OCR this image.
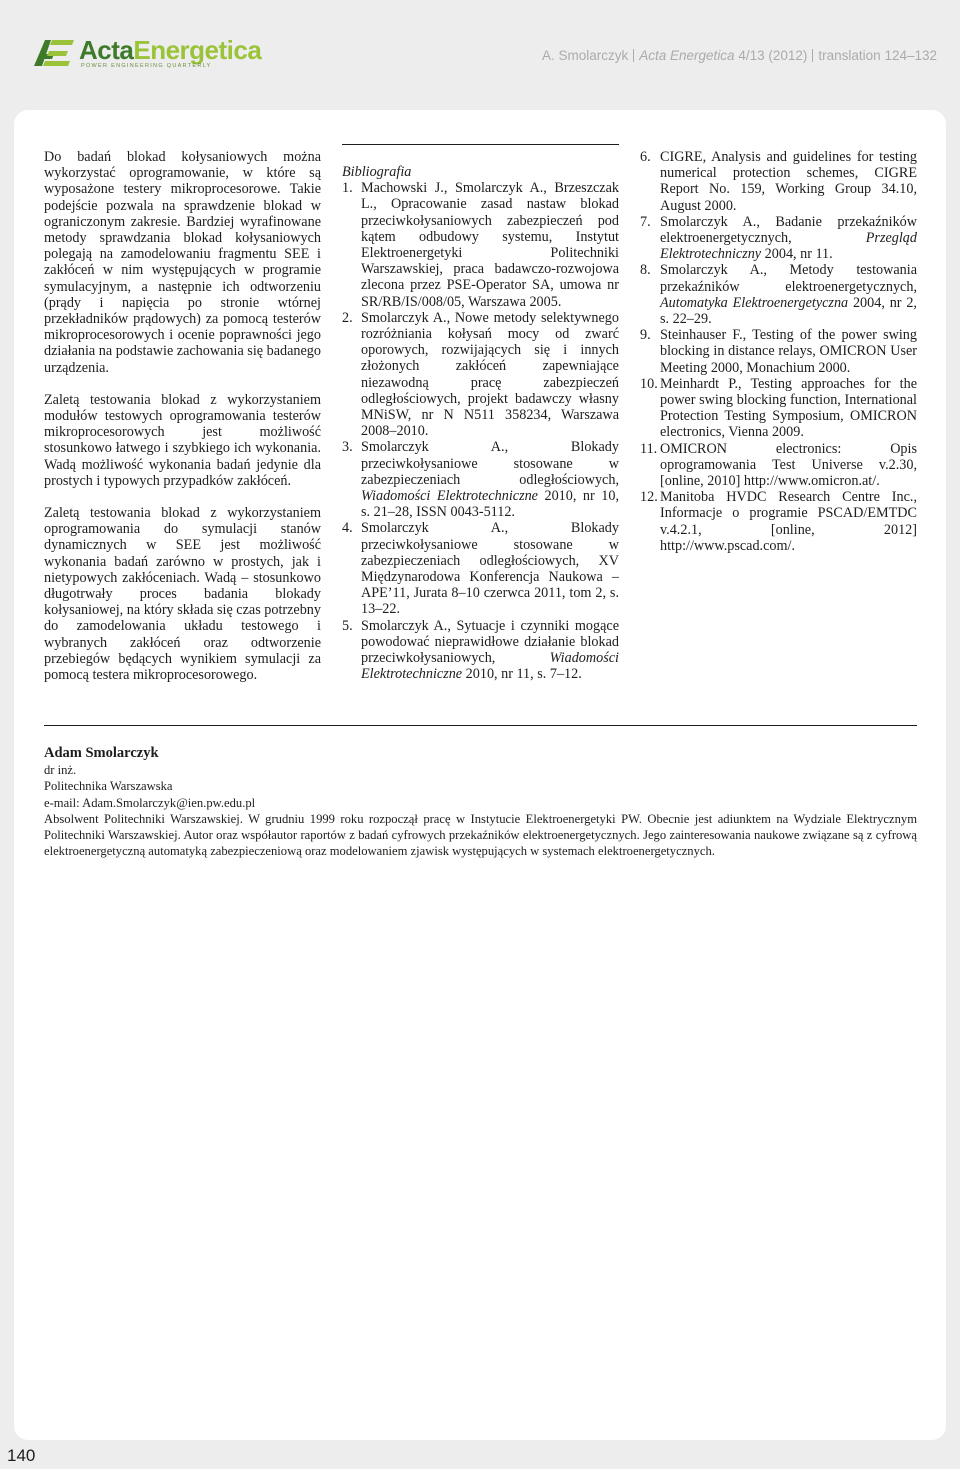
ActaEnergetica
POWER ENGINEERING QUARTERLY
A. Smolarczyk Acta Energetica 4/13 (2012) translation 124–132

Do badań blokad kołysaniowych można wykorzystać oprogramowanie, w które są wyposażone testery mikroprocesorowe. Takie podejście pozwala na sprawdzenie blokad w ograniczonym zakresie. Bardziej wyrafinowane metody sprawdzania blokad kołysaniowych polegają na zamodelowaniu fragmentu SEE i zakłóceń w nim występujących w programie symulacyjnym, a następnie ich odtworzeniu (prądy i napięcia po stronie wtórnej przekładników prądowych) za pomocą testerów mikroprocesorowych i ocenie poprawności jego działania na podstawie zachowania się badanego urządzenia.

Zaletą testowania blokad z wykorzystaniem modułów testowych oprogramowania testerów mikroprocesorowych jest możliwość stosunkowo łatwego i szybkiego ich wykonania. Wadą możliwość wykonania badań jedynie dla prostych i typowych przypadków zakłóceń.

Zaletą testowania blokad z wykorzystaniem oprogramowania do symulacji stanów dynamicznych w SEE jest możliwość wykonania badań zarówno w prostych, jak i nietypowych zakłóceniach. Wadą – stosunkowo długotrwały proces badania blokady kołysaniowej, na który składa się czas potrzebny do zamodelowania układu testowego i wybranych zakłóceń oraz odtworzenie przebiegów będących wynikiem symulacji za pomocą testera mikroprocesorowego.

Bibliografia
1. Machowski J., Smolarczyk A., Brzeszczak L., Opracowanie zasad nastaw blokad przeciwkołysaniowych zabezpieczeń pod kątem odbudowy systemu, Instytut Elektroenergetyki Politechniki Warszawskiej, praca badawczo-rozwojowa zlecona przez PSE-Operator SA, umowa nr SR/RB/IS/008/05, Warszawa 2005.
2. Smolarczyk A., Nowe metody selektywnego rozróżniania kołysań mocy od zwarć oporowych, rozwijających się i innych złożonych zakłóceń zapewniające niezawodną pracę zabezpieczeń odległościowych, projekt badawczy własny MNiSW, nr N N511 358234, Warszawa 2008–2010.
3. Smolarczyk A., Blokady przeciwkołysaniowe stosowane w zabezpieczeniach odległościowych, Wiadomości Elektrotechniczne 2010, nr 10, s. 21–28, ISSN 0043-5112.
4. Smolarczyk A., Blokady przeciwkołysaniowe stosowane w zabezpieczeniach odległościowych, XV Międzynarodowa Konferencja Naukowa – APE’11, Jurata 8–10 czerwca 2011, tom 2, s. 13–22.
5. Smolarczyk A., Sytuacje i czynniki mogące powodować nieprawidłowe działanie blokad przeciwkołysaniowych, Wiadomości Elektrotechniczne 2010, nr 11, s. 7–12.
6. CIGRE, Analysis and guidelines for testing numerical protection schemes, CIGRE Report No. 159, Working Group 34.10, August 2000.
7. Smolarczyk A., Badanie przekaźników elektroenergetycznych, Przegląd Elektrotechniczny 2004, nr 11.
8. Smolarczyk A., Metody testowania przekaźników elektroenergetycznych, Automatyka Elektroenergetyczna 2004, nr 2, s. 22–29.
9. Steinhauser F., Testing of the power swing blocking in distance relays, OMICRON User Meeting 2000, Monachium 2000.
10. Meinhardt P., Testing approaches for the power swing blocking function, International Protection Testing Symposium, OMICRON electronics, Vienna 2009.
11. OMICRON electronics: Opis oprogramowania Test Universe v.2.30, [online, 2010] http://www.omicron.at/.
12. Manitoba HVDC Research Centre Inc., Informacje o programie PSCAD/EMTDC v.4.2.1, [online, 2012] http://www.pscad.com/.
Adam Smolarczyk
dr inż.
Politechnika Warszawska
e-mail: Adam.Smolarczyk@ien.pw.edu.pl
Absolwent Politechniki Warszawskiej. W grudniu 1999 roku rozpoczął pracę w Instytucie Elektroenergetyki PW. Obecnie jest adiunktem na Wydziale Elektrycznym Politechniki Warszawskiej. Autor oraz współautor raportów z badań cyfrowych przekaźników elektroenergetycznych. Jego zainteresowania naukowe związane są z cyfrową elektroenergetyczną automatyką zabezpieczeniową oraz modelowaniem zjawisk występujących w systemach elektroenergetycznych.
140
